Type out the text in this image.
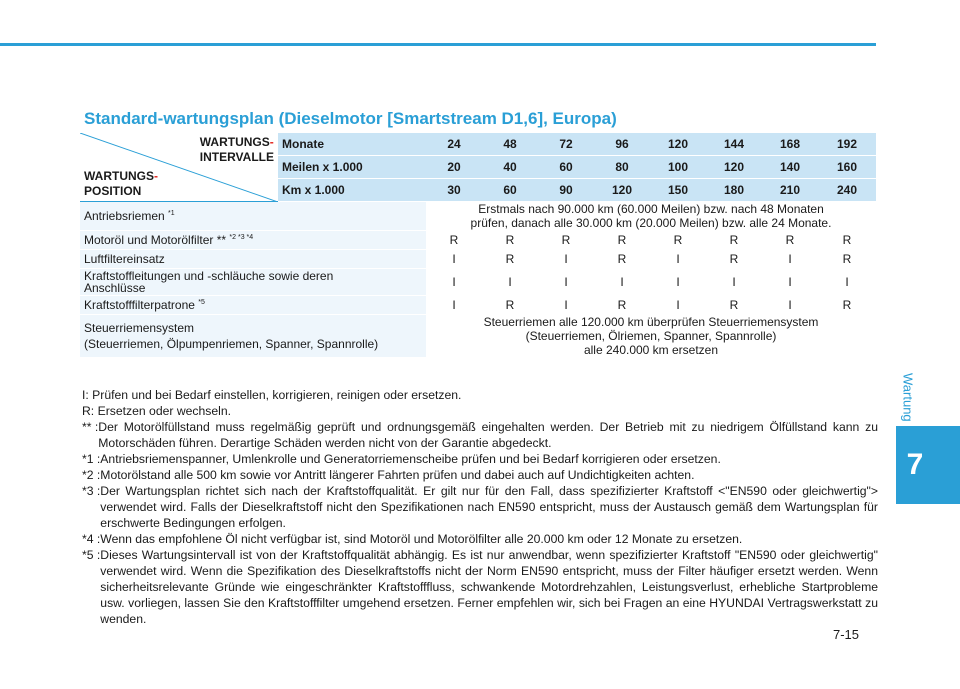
Wartung
7
Standard-wartungsplan (Dieselmotor [Smartstream D1,6], Europa)
WARTUNGS-
INTERVALLE
WARTUNGS-
POSITION	Monate	24	48	72	96	120	144	168	192
	Meilen x 1.000	20	40	60	80	100	120	140	160
	Km x 1.000	30	60	90	120	150	180	210	240
Antriebsriemen $^{*1}$		Erstmals nach 90.000 km (60.000 Meilen) bzw. nach 48 Monaten
prüfen, danach alle 30.000 km (20.000 Meilen) bzw. alle 24 Monate.							
Motoröl und Motorölfilter ** $^{*2 *3 *4}$		R	R	R	R	R	R	R	R
Luftfiltereinsatz		I	R	I	R	I	R	I	R
Kraftstoffleitungen und -schläuche sowie deren
Anschlüsse		I	I	I	I	I	I	I	I
Kraftstofffilterpatrone $^{*5}$		I	R	I	R	I	R	I	R
Steuerriemensystem
(Steuerriemen, Ölpumpenriemen, Spanner, Spannrolle)		Steuerriemen alle 120.000 km überprüfen Steuerriemensystem
(Steuerriemen, Ölriemen, Spanner, Spannrolle)
alle 240.000 km ersetzen							
I: Prüfen und bei Bedarf einstellen, korrigieren, reinigen oder ersetzen.
R: Ersetzen oder wechseln.
** : Der Motorölfüllstand muss regelmäßig geprüft und ordnungsgemäß eingehalten werden. Der Betrieb mit zu niedrigem Ölfüllstand kann zu Motorschäden führen. Derartige Schäden werden nicht von der Garantie abgedeckt.
*1 : Antriebsriemenspanner, Umlenkrolle und Generatorriemenscheibe prüfen und bei Bedarf korrigieren oder ersetzen.
*2 : Motorölstand alle 500 km sowie vor Antritt längerer Fahrten prüfen und dabei auch auf Undichtigkeiten achten.
*3 : Der Wartungsplan richtet sich nach der Kraftstoffqualität. Er gilt nur für den Fall, dass spezifizierter Kraftstoff <"EN590 oder gleichwertig"> verwendet wird. Falls der Dieselkraftstoff nicht den Spezifikationen nach EN590 entspricht, muss der Austausch gemäß dem Wartungsplan für erschwerte Bedingungen erfolgen.
*4 : Wenn das empfohlene Öl nicht verfügbar ist, sind Motoröl und Motorölfilter alle 20.000 km oder 12 Monate zu ersetzen.
*5 : Dieses Wartungsintervall ist von der Kraftstoffqualität abhängig. Es ist nur anwendbar, wenn spezifizierter Kraftstoff "EN590 oder gleichwertig" verwendet wird. Wenn die Spezifikation des Dieselkraftstoffs nicht der Norm EN590 entspricht, muss der Filter häufiger ersetzt werden. Wenn sicherheitsrelevante Gründe wie eingeschränkter Kraftstofffluss, schwankende Motordrehzahlen, Leistungsverlust, erhebliche Startprobleme usw. vorliegen, lassen Sie den Kraftstofffilter umgehend ersetzen. Ferner empfehlen wir, sich bei Fragen an eine HYUNDAI Vertragswerkstatt zu wenden.
7-15
